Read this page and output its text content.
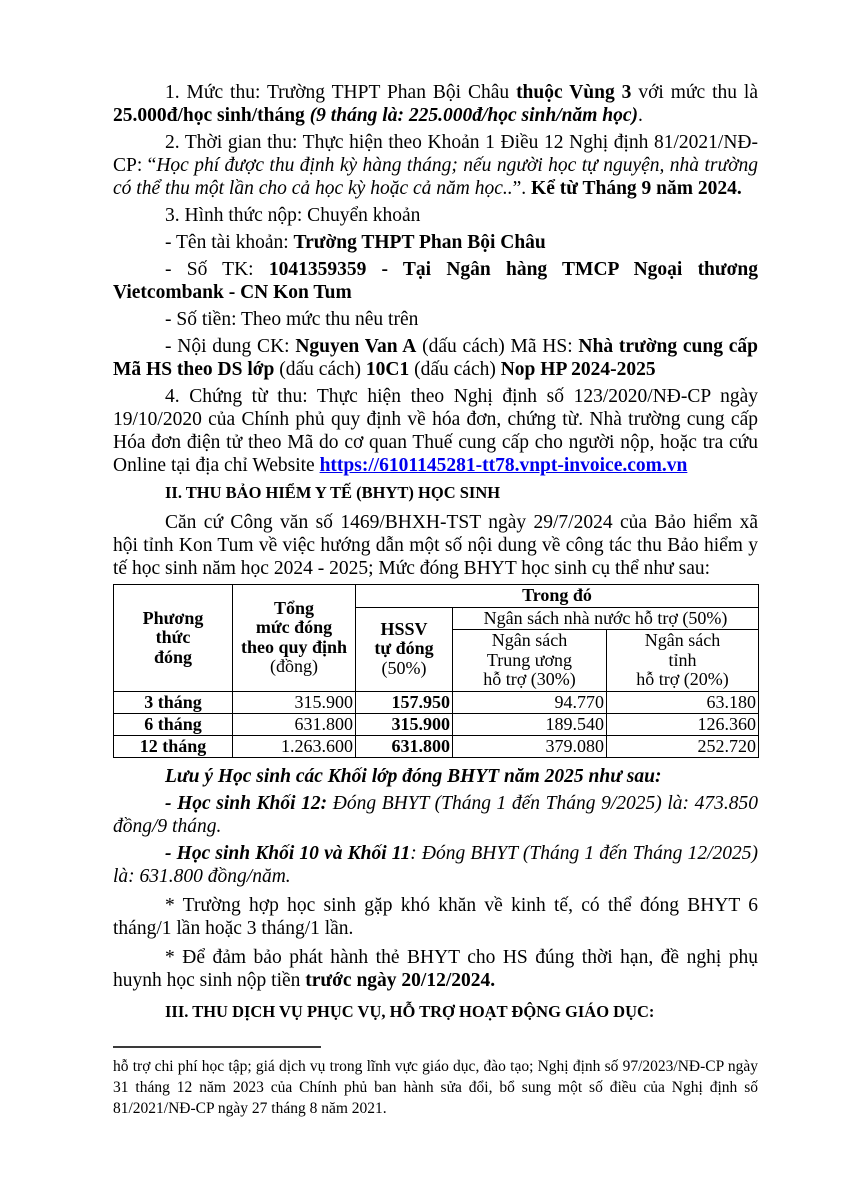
1. Mức thu: Trường THPT Phan Bội Châu thuộc Vùng 3 với mức thu là 25.000đ/học sinh/tháng (9 tháng là: 225.000đ/học sinh/năm học).

2. Thời gian thu: Thực hiện theo Khoản 1 Điều 12 Nghị định 81/2021/NĐ-CP: “Học phí được thu định kỳ hàng tháng; nếu người học tự nguyện, nhà trường có thể thu một lần cho cả học kỳ hoặc cả năm học..”. Kể từ Tháng 9 năm 2024.

3. Hình thức nộp: Chuyển khoản

- Tên tài khoản: Trường THPT Phan Bội Châu

- Số TK: 1041359359 - Tại Ngân hàng TMCP Ngoại thương Vietcombank - CN Kon Tum

- Số tiền: Theo mức thu nêu trên

- Nội dung CK: Nguyen Van A (dấu cách) Mã HS: Nhà trường cung cấp Mã HS theo DS lớp (dấu cách) 10C1 (dấu cách) Nop HP 2024-2025

4. Chứng từ thu: Thực hiện theo Nghị định số 123/2020/NĐ-CP ngày 19/10/2020 của Chính phủ quy định về hóa đơn, chứng từ. Nhà trường cung cấp Hóa đơn điện tử theo Mã do cơ quan Thuế cung cấp cho người nộp, hoặc tra cứu Online tại địa chỉ Website https://6101145281-tt78.vnpt-invoice.com.vn

II. THU BẢO HIỂM Y TẾ (BHYT) HỌC SINH

Căn cứ Công văn số 1469/BHXH-TST ngày 29/7/2024 của Bảo hiểm xã hội tỉnh Kon Tum về việc hướng dẫn một số nội dung về công tác thu Bảo hiểm y tế học sinh năm học 2024 - 2025; Mức đóng BHYT học sinh cụ thể như sau:

Phương
thức
đóng	Tổng
mức đóng
theo quy định
(đồng)	Trong đó		
		HSSV
tự đóng
(50%)	Ngân sách nhà nước hỗ trợ (50%)	
			Ngân sách
Trung ương
hỗ trợ (30%)	Ngân sách
tỉnh
hỗ trợ (20%)
3 tháng	315.900	157.950	94.770	63.180
6 tháng	631.800	315.900	189.540	126.360
12 tháng	1.263.600	631.800	379.080	252.720

Lưu ý Học sinh các Khối lớp đóng BHYT năm 2025 như sau:

- Học sinh Khối 12: Đóng BHYT (Tháng 1 đến Tháng 9/2025) là: 473.850 đồng/9 tháng.

- Học sinh Khối 10 và Khối 11: Đóng BHYT (Tháng 1 đến Tháng 12/2025) là: 631.800 đồng/năm.

* Trường hợp học sinh gặp khó khăn về kinh tế, có thể đóng BHYT 6 tháng/1 lần hoặc 3 tháng/1 lần.

* Để đảm bảo phát hành thẻ BHYT cho HS đúng thời hạn, đề nghị phụ huynh học sinh nộp tiền trước ngày 20/12/2024.

III. THU DỊCH VỤ PHỤC VỤ, HỖ TRỢ HOẠT ĐỘNG GIÁO DỤC:

hỗ trợ chi phí học tập; giá dịch vụ trong lĩnh vực giáo dục, đào tạo; Nghị định số 97/2023/NĐ-CP ngày 31 tháng 12 năm 2023 của Chính phủ ban hành sửa đổi, bổ sung một số điều của Nghị định số 81/2021/NĐ-CP ngày 27 tháng 8 năm 2021.
